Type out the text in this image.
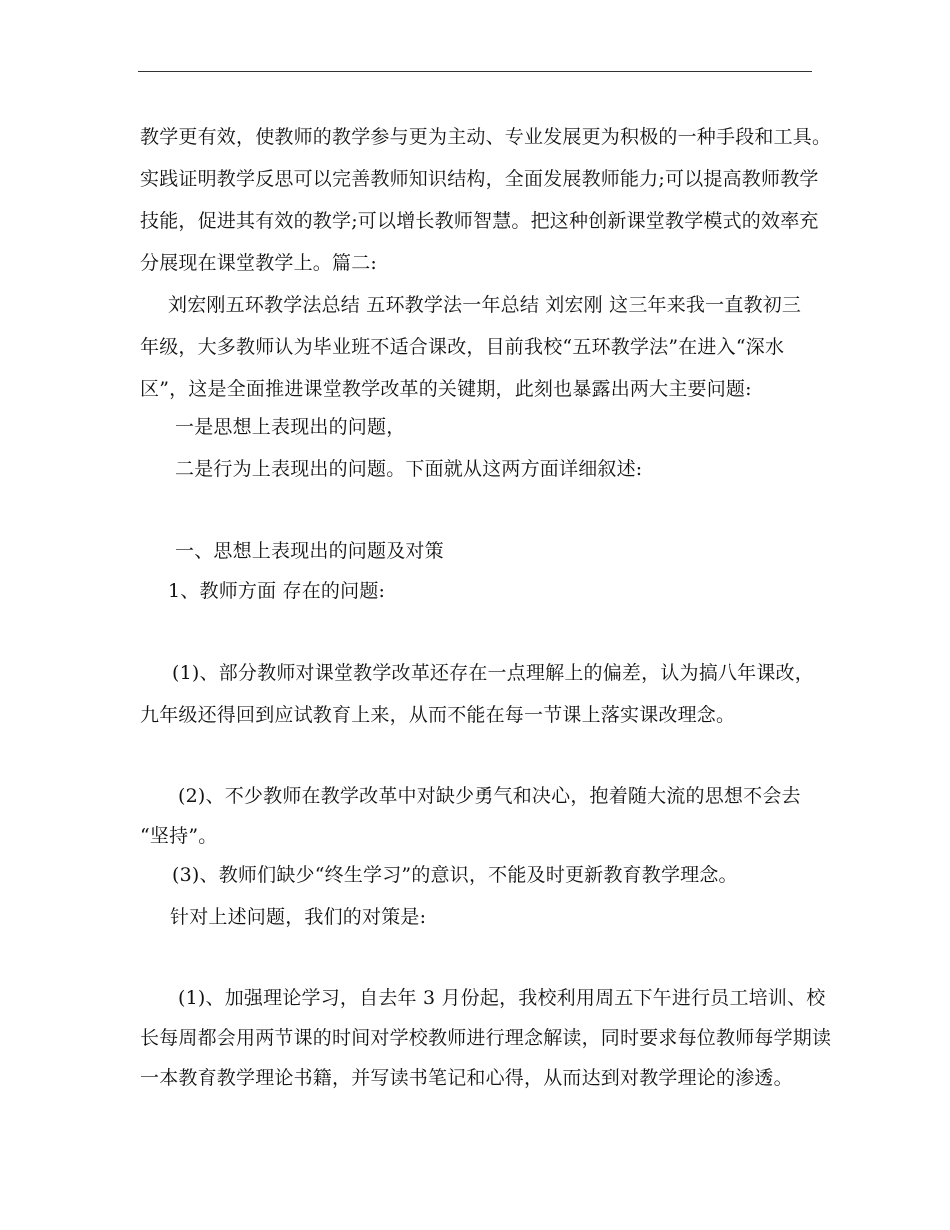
教学更有效，使教师的教学参与更为主动、专业发展更为积极的一种手段和工具。
实践证明教学反思可以完善教师知识结构，全面发展教师能力;可以提高教师教学
技能，促进其有效的教学;可以增长教师智慧。把这种创新课堂教学模式的效率充
分展现在课堂教学上。篇二:
刘宏刚五环教学法总结 五环教学法一年总结 刘宏刚 这三年来我一直教初三
年级，大多教师认为毕业班不适合课改，目前我校“五环教学法”在进入“深水
区”，这是全面推进课堂教学改革的关键期，此刻也暴露出两大主要问题:
一是思想上表现出的问题，
二是行为上表现出的问题。下面就从这两方面详细叙述:
一、思想上表现出的问题及对策
1、教师方面 存在的问题:
(1)、部分教师对课堂教学改革还存在一点理解上的偏差，认为搞八年课改，
九年级还得回到应试教育上来，从而不能在每一节课上落实课改理念。
(2)、不少教师在教学改革中对缺少勇气和决心，抱着随大流的思想不会去
“坚持”。
(3)、教师们缺少“终生学习”的意识，不能及时更新教育教学理念。
针对上述问题，我们的对策是:
(1)、加强理论学习，自去年 3 月份起，我校利用周五下午进行员工培训、校
长每周都会用两节课的时间对学校教师进行理念解读，同时要求每位教师每学期读
一本教育教学理论书籍，并写读书笔记和心得，从而达到对教学理论的渗透。
